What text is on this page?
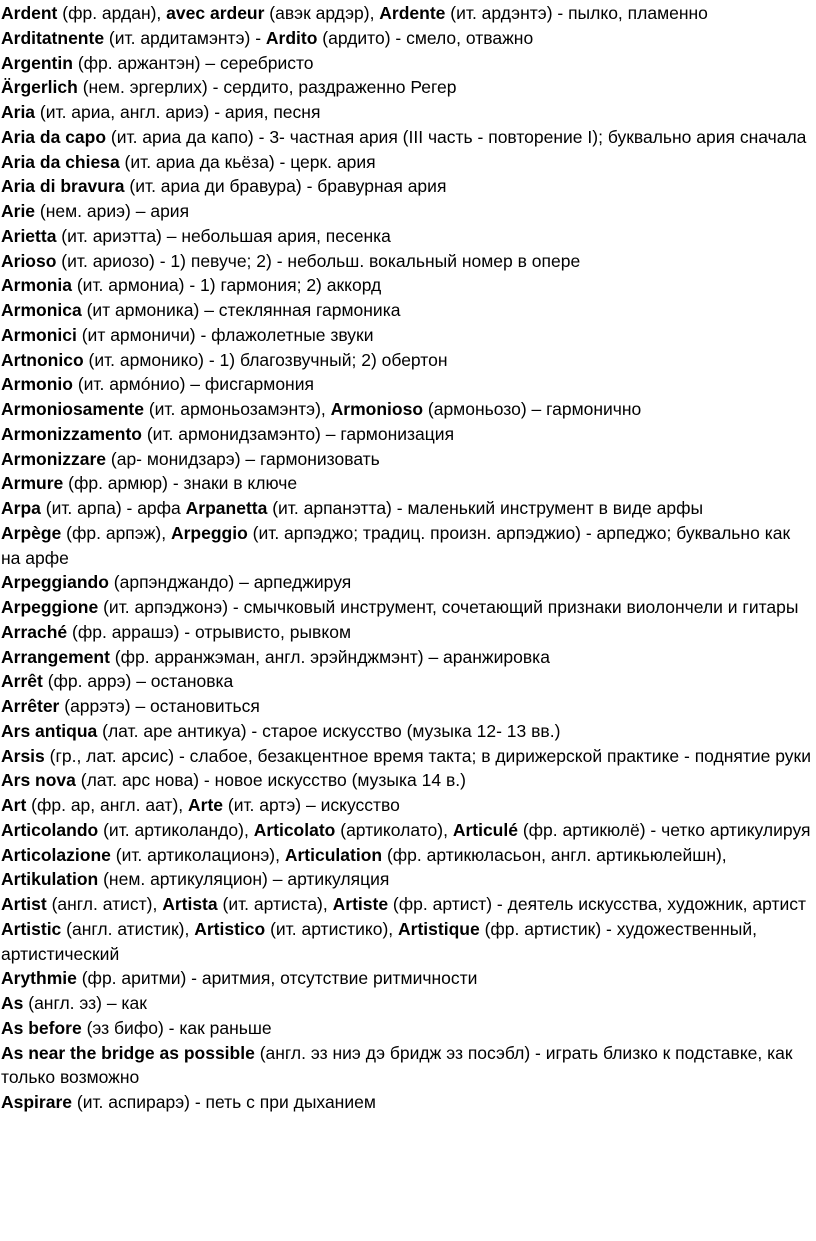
Ardent (фр. ардан), avec ardeur (авэк ардэр), Ardente (ит. ардэнтэ) - пылко, пламенно

Arditatnente (ит. ардитамэнтэ) - Ardito (ардито) - смело, отважно

Argentin (фр. аржантэн) – серебристо

Ärgerlich (нем. эргерлих) - сердито, раздраженно Регер

Aria (ит. ариа, англ. ариэ) - ария, песня

Aria da capo (ит. ариа да капо) - 3- частная ария (III часть - повторение I); буквально ария сначала

Aria da chiesa (ит. ариа да кьёза) - церк. ария

Aria di bravura (ит. ариа ди бравура) - бравурная ария

Arie (нем. ариэ) – ария

Arietta (ит. ариэтта) – небольшая ария, песенка

Arioso (ит. ариозо) - 1) певуче; 2) - небольш. вокальный номер в опере

Armonia (ит. армониа) - 1) гармония; 2) аккорд

Armonica (ит армоника) – стеклянная гармоника

Armonici (ит армоничи) - флажолетные звуки

Artnonico (ит. армонико) - 1) благозвучный; 2) обертон

Armonio (ит. армóнио) – фисгармония

Armoniosamente (ит. армоньозамэнтэ), Armonioso (армоньозо) – гармонично

Armonizzamento (ит. армонидзамэнто) – гармонизация

Armonizzare (ар- монидзарэ) – гармонизовать

Armure (фр. армюр) - знаки в ключе

Arpa (ит. арпа) - арфа Arpanetta (ит. арпанэтта) - маленький инструмент в виде арфы

Arpège (фр. арпэж), Arpeggio (ит. арпэджо; традиц. произн. арпэджио) - арпеджо; буквально как на арфе

Arpeggiando (арпэнджандо) – арпеджируя

Arpeggione (ит. арпэджонэ) - смычковый инструмент, сочетающий признаки виолончели и гитары

Arraché (фр. аррашэ) - отрывисто, рывком

Arrangement (фр. арранжэман, англ. эрэйнджмэнт) – аранжировка

Arrêt (фр. аррэ) – остановка

Arrêter (аррэтэ) – остановиться

Ars antiqua (лат. аре антикуа) - старое искусство (музыка 12- 13 вв.)

Arsis (гр., лат. арсис) - слабое, безакцентное время такта; в дирижерской практике - поднятие руки

Ars nova (лат. арс нова) - новое искусство (музыка 14 в.)

Art (фр. ар, англ. аат), Arte (ит. артэ) – искусство

Articolando (ит. артиколандо), Articolato (артиколато), Articulé (фр. артикюлё) - четко артикулируя

Articolazione (ит. артиколационэ), Articulation (фр. артикюласьон, англ. артикьюлейшн), Artikulation (нем. артикуляцион) – артикуляция

Artist (англ. атист), Artista (ит. артиста), Artiste (фр. артист) - деятель искусства, художник, артист

Artistic (англ. атистик), Artistico (ит. артистико), Artistique (фр. артистик) - художественный, артистический

Arythmie (фр. аритми) - аритмия, отсутствие ритмичности

As (англ. эз) – как

As before (эз бифо) - как раньше

As near the bridge as possible (англ. эз ниэ дэ бридж эз посэбл) - играть близко к подставке, как только возможно

Aspirare (ит. аспирарэ) - петь с при дыханием
